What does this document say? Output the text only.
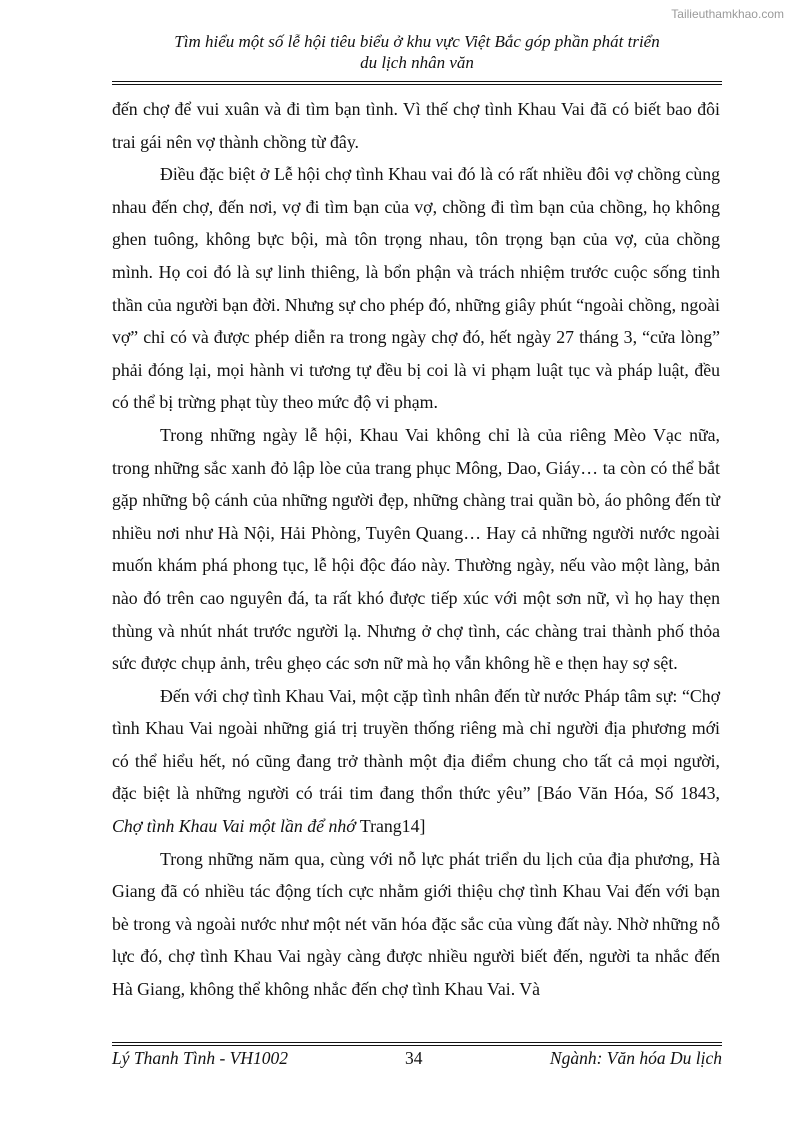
Tailieuthamkhao.com
Tìm hiểu một số lễ hội tiêu biểu ở khu vực Việt Bắc góp phần phát triển
du lịch nhân văn

đến chợ để vui xuân và đi tìm bạn tình. Vì thế chợ tình Khau Vai đã có biết bao đôi trai gái nên vợ thành chồng từ đây.

Điều đặc biệt ở Lễ hội chợ tình Khau vai đó là có rất nhiều đôi vợ chồng cùng nhau đến chợ, đến nơi, vợ đi tìm bạn của vợ, chồng đi tìm bạn của chồng, họ không ghen tuông, không bực bội, mà tôn trọng nhau, tôn trọng bạn của vợ, của chồng mình. Họ coi đó là sự linh thiêng, là bổn phận và trách nhiệm trước cuộc sống tinh thần của người bạn đời. Nhưng sự cho phép đó, những giây phút “ngoài chồng, ngoài vợ” chỉ có và được phép diễn ra trong ngày chợ đó, hết ngày 27 tháng 3, “cửa lòng” phải đóng lại, mọi hành vi tương tự đều bị coi là vi phạm luật tục và pháp luật, đều có thể bị trừng phạt tùy theo mức độ vi phạm.

Trong những ngày lễ hội, Khau Vai không chỉ là của riêng Mèo Vạc nữa, trong những sắc xanh đỏ lập lòe của trang phục Mông, Dao, Giáy… ta còn có thể bắt gặp những bộ cánh của những người đẹp, những chàng trai quần bò, áo phông đến từ nhiều nơi như Hà Nội, Hải Phòng, Tuyên Quang… Hay cả những người nước ngoài muốn khám phá phong tục, lễ hội độc đáo này. Thường ngày, nếu vào một làng, bản nào đó trên cao nguyên đá, ta rất khó được tiếp xúc với một sơn nữ, vì họ hay thẹn thùng và nhút nhát trước người lạ. Nhưng ở chợ tình, các chàng trai thành phố thỏa sức được chụp ảnh, trêu ghẹo các sơn nữ mà họ vẫn không hề e thẹn hay sợ sệt.

Đến với chợ tình Khau Vai, một cặp tình nhân đến từ nước Pháp tâm sự: “Chợ tình Khau Vai ngoài những giá trị truyền thống riêng mà chỉ người địa phương mới có thể hiểu hết, nó cũng đang trở thành một địa điểm chung cho tất cả mọi người, đặc biệt là những người có trái tim đang thổn thức yêu” [Báo Văn Hóa, Số 1843, Chợ tình Khau Vai một lần để nhớ Trang14]

Trong những năm qua, cùng với nỗ lực phát triển du lịch của địa phương, Hà Giang đã có nhiều tác động tích cực nhằm giới thiệu chợ tình Khau Vai đến với bạn bè trong và ngoài nước như một nét văn hóa đặc sắc của vùng đất này. Nhờ những nỗ lực đó, chợ tình Khau Vai ngày càng được nhiều người biết đến, người ta nhắc đến Hà Giang, không thể không nhắc đến chợ tình Khau Vai. Và

Lý Thanh Tình - VH1002	34	Ngành: Văn hóa Du lịch
